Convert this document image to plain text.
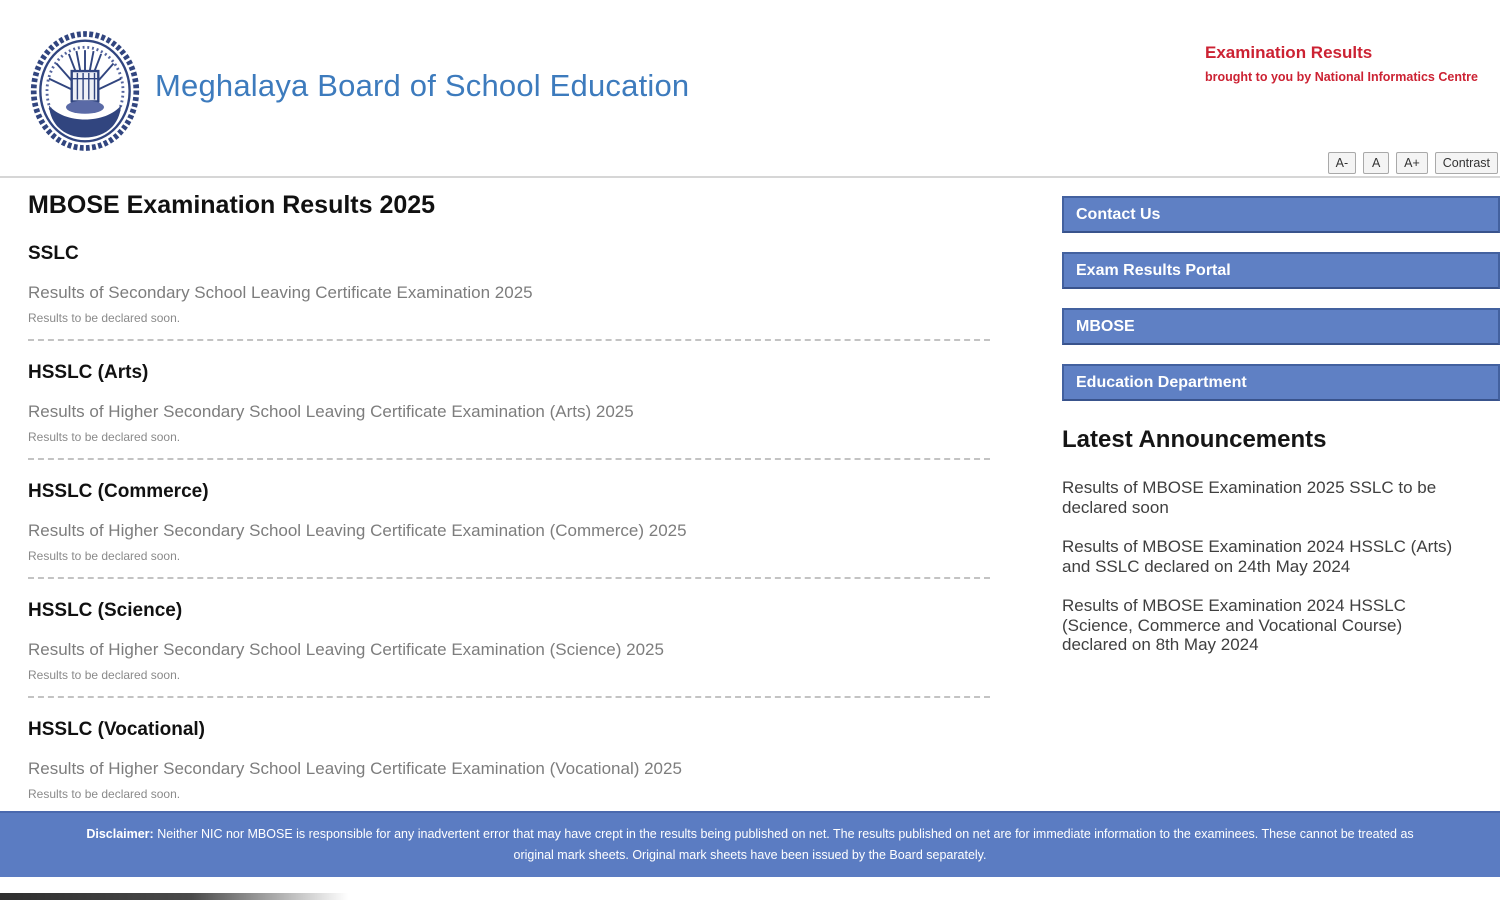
Meghalaya Board of School Education
Examination Results
brought to you by National Informatics Centre
A-	A	A+	Contrast
MBOSE Examination Results 2025
SSLC

Results of Secondary School Leaving Certificate Examination 2025

Results to be declared soon.

HSSLC (Arts)

Results of Higher Secondary School Leaving Certificate Examination (Arts) 2025

Results to be declared soon.

HSSLC (Commerce)

Results of Higher Secondary School Leaving Certificate Examination (Commerce) 2025

Results to be declared soon.

HSSLC (Science)

Results of Higher Secondary School Leaving Certificate Examination (Science) 2025

Results to be declared soon.

HSSLC (Vocational)

Results of Higher Secondary School Leaving Certificate Examination (Vocational) 2025

Results to be declared soon.

Contact Us
Exam Results Portal
MBOSE
Education Department
Latest Announcements

Results of MBOSE Examination 2025 SSLC to be declared soon

Results of MBOSE Examination 2024 HSSLC (Arts) and SSLC declared on 24th May 2024

Results of MBOSE Examination 2024 HSSLC (Science, Commerce and Vocational Course) declared on 8th May 2024

Disclaimer: Neither NIC nor MBOSE is responsible for any inadvertent error that may have crept in the results being published on net. The results published on net are for immediate information to the examinees. These cannot be treated as original mark sheets. Original mark sheets have been issued by the Board separately.
